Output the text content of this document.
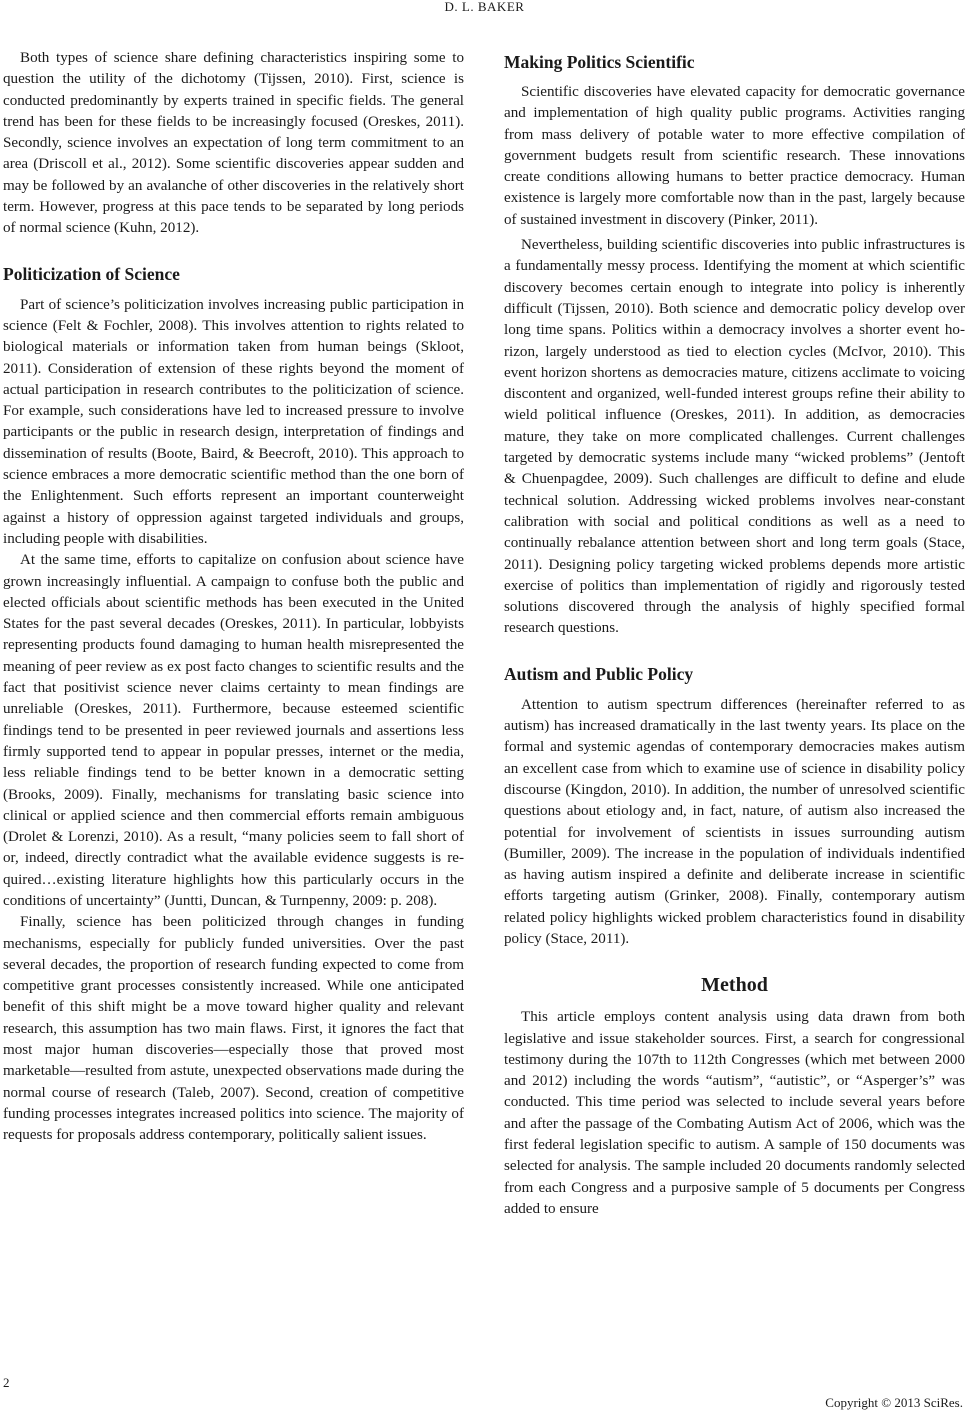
D. L. BAKER

Both types of science share defining characteristics inspiring some to question the utility of the dichotomy (Tijssen, 2010). First, science is conducted predominantly by experts trained in specific fields. The general trend has been for these fields to be increasingly focused (Oreskes, 2011). Secondly, science involves an expectation of long term commitment to an area (Driscoll et al., 2012). Some scientific discoveries appear sudden and may be followed by an avalanche of other discoveries in the relatively short term. However, progress at this pace tends to be separated by long periods of normal science (Kuhn, 2012).

Politicization of Science

Part of science’s politicization involves increasing public participation in science (Felt & Fochler, 2008). This involves attention to rights related to biological materials or information taken from human beings (Skloot, 2011). Consideration of extension of these rights beyond the moment of actual participation in research contributes to the politicization of science. For example, such considerations have led to increased pressure to involve participants or the public in research design, interpretation of findings and dissemination of results (Boote, Baird, & Beecroft, 2010). This approach to science embraces a more democratic scientific method than the one born of the Enlightenment. Such efforts represent an important counterweight against a history of oppression against targeted individuals and groups, including people with disabilities.

At the same time, efforts to capitalize on confusion about science have grown increasingly influential. A campaign to confuse both the public and elected officials about scientific methods has been executed in the United States for the past several decades (Oreskes, 2011). In particular, lobbyists representing products found damaging to human health misrepresented the meaning of peer review as ex post facto changes to scientific results and the fact that positivist science never claims certainty to mean findings are unreliable (Oreskes, 2011). Furthermore, because esteemed scientific findings tend to be presented in peer reviewed journals and assertions less firmly supported tend to appear in popular presses, internet or the media, less reliable findings tend to be better known in a democratic setting (Brooks, 2009). Finally, mechanisms for translating basic science into clinical or applied science and then commercial efforts remain ambiguous (Drolet & Lorenzi, 2010). As a result, “many policies seem to fall short of or, indeed, directly contradict what the available evidence suggests is required…existing literature highlights how this particularly occurs in the conditions of uncertainty” (Juntti, Duncan, & Turnpenny, 2009: p. 208).

Finally, science has been politicized through changes in funding mechanisms, especially for publicly funded universities. Over the past several decades, the proportion of research funding expected to come from competitive grant processes consistently increased. While one anticipated benefit of this shift might be a move toward higher quality and relevant research, this assumption has two main flaws. First, it ignores the fact that most major human discoveries—especially those that proved most marketable—resulted from astute, unexpected observations made during the normal course of research (Taleb, 2007). Second, creation of competitive funding processes integrates increased politics into science. The majority of requests for proposals address contemporary, politically salient issues.

Making Politics Scientific

Scientific discoveries have elevated capacity for democratic governance and implementation of high quality public programs. Activities ranging from mass delivery of potable water to more effective compilation of government budgets result from scientific research. These innovations create conditions allowing humans to better practice democracy. Human existence is largely more comfortable now than in the past, largely because of sustained investment in discovery (Pinker, 2011).

Nevertheless, building scientific discoveries into public infrastructures is a fundamentally messy process. Identifying the moment at which scientific discovery becomes certain enough to integrate into policy is inherently difficult (Tijssen, 2010). Both science and democratic policy develop over long time spans. Politics within a democracy involves a shorter event horizon, largely understood as tied to election cycles (McIvor, 2010). This event horizon shortens as democracies mature, citizens acclimate to voicing discontent and organized, well-funded interest groups refine their ability to wield political influence (Oreskes, 2011). In addition, as democracies mature, they take on more complicated challenges. Current challenges targeted by democratic systems include many “wicked problems” (Jentoft & Chuenpagdee, 2009). Such challenges are difficult to define and elude technical solution. Addressing wicked problems involves near-constant calibration with social and political conditions as well as a need to continually rebalance attention between short and long term goals (Stace, 2011). Designing policy targeting wicked problems depends more artistic exercise of politics than implementation of rigidly and rigorously tested solutions discovered through the analysis of highly specified formal research questions.

Autism and Public Policy

Attention to autism spectrum differences (hereinafter referred to as autism) has increased dramatically in the last twenty years. Its place on the formal and systemic agendas of contemporary democracies makes autism an excellent case from which to examine use of science in disability policy discourse (Kingdon, 2010). In addition, the number of unresolved scientific questions about etiology and, in fact, nature, of autism also increased the potential for involvement of scientists in issues surrounding autism (Bumiller, 2009). The increase in the population of individuals indentified as having autism inspired a definite and deliberate increase in scientific efforts targeting autism (Grinker, 2008). Finally, contemporary autism related policy highlights wicked problem characteristics found in disability policy (Stace, 2011).

Method

This article employs content analysis using data drawn from both legislative and issue stakeholder sources. First, a search for congressional testimony during the 107th to 112th Congresses (which met between 2000 and 2012) including the words “autism”, “autistic”, or “Asperger’s” was conducted. This time period was selected to include several years before and after the passage of the Combating Autism Act of 2006, which was the first federal legislation specific to autism. A sample of 150 documents was selected for analysis. The sample included 20 documents randomly selected from each Congress and a purposive sample of 5 documents per Congress added to ensure

2
Copyright © 2013 SciRes.
